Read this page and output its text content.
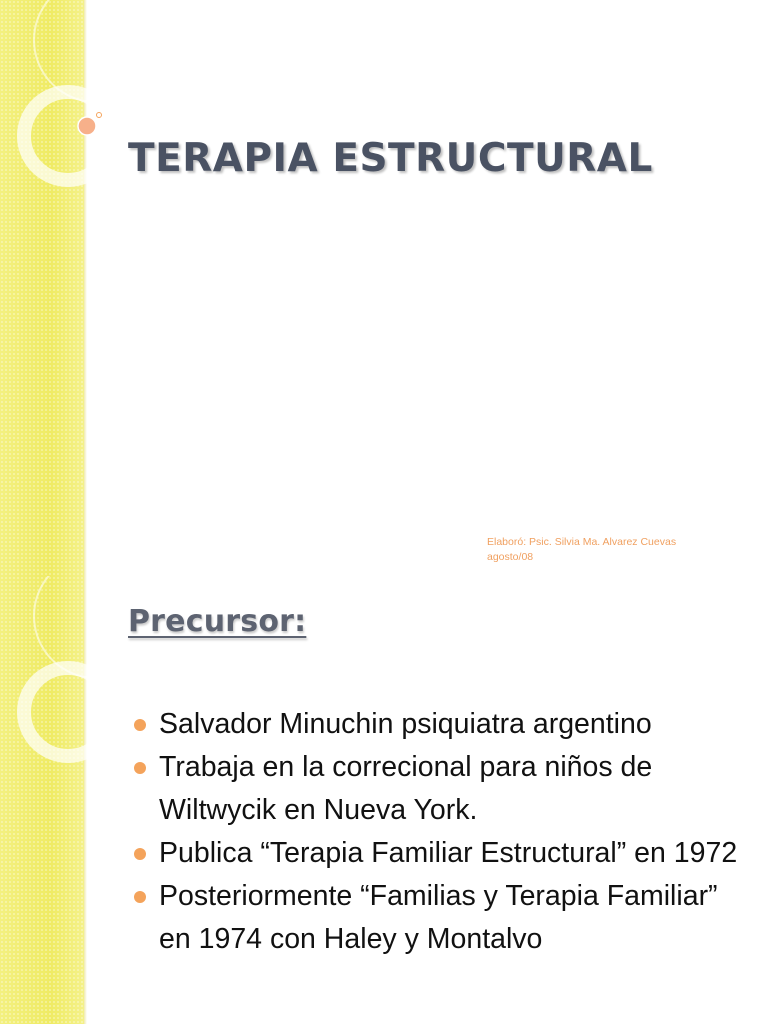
TERAPIA ESTRUCTURAL
Elaboró: Psic. Silvia Ma. Alvarez Cuevas
agosto/08
Precursor:
Salvador Minuchin psiquiatra argentino
Trabaja en la correcional para niños de Wiltwycik en Nueva York.
Publica “Terapia Familiar Estructural” en 1972
Posteriormente “Familias y Terapia Familiar” en 1974 con Haley y Montalvo
